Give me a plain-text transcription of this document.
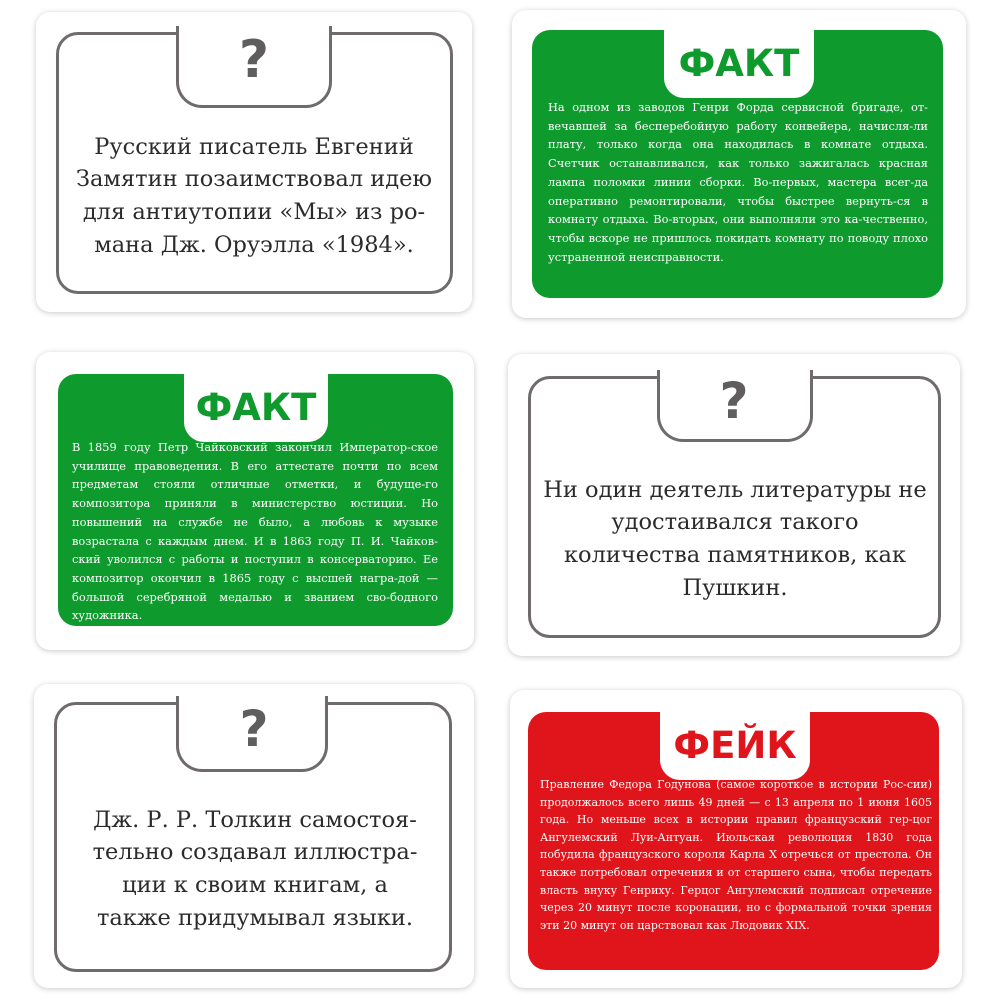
?
Русский писатель Евгений Замятин позаимствовал идею для антиутопии «Мы» из ро-мана Дж. Оруэлла «1984».
ФАКТ
На одном из заводов Генри Форда сервисной бригаде, от-вечавшей за бесперебойную работу конвейера, начисля-ли плату, только когда она находилась в комнате отдыха. Счетчик останавливался, как только зажигалась красная лампа поломки линии сборки. Во-первых, мастера всег-да оперативно ремонтировали, чтобы быстрее вернуть-ся в комнату отдыха. Во-вторых, они выполняли это ка-чественно, чтобы вскоре не пришлось покидать комнату по поводу плохо устраненной неисправности.
ФАКТ
В 1859 году Петр Чайковский закончил Император-ское училище правоведения. В его аттестате почти по всем предметам стояли отличные отметки, и будуще-го композитора приняли в министерство юстиции. Но повышений на службе не было, а любовь к музыке возрастала с каждым днем. И в 1863 году П. И. Чайков-ский уволился с работы и поступил в консерваторию. Ее композитор окончил в 1865 году с высшей награ-дой — большой серебряной медалью и званием сво-бодного художника.
?
Ни один деятель литературы не удостаивался такого количества памятников, как Пушкин.
?
Дж. Р. Р. Толкин самостоя-тельно создавал иллюстра-ции к своим книгам, а также придумывал языки.
ФЕЙК
Правление Федора Годунова (самое короткое в истории Рос-сии) продолжалось всего лишь 49 дней — с 13 апреля по 1 июня 1605 года. Но меньше всех в истории правил французский гер-цог Ангулемский Луи-Антуан. Июльская революция 1830 года побудила французского короля Карла X отречься от престола. Он также потребовал отречения и от старшего сына, чтобы передать власть внуку Генриху. Герцог Ангулемский подписал отречение через 20 минут после коронации, но с формальной точки зрения эти 20 минут он царствовал как Людовик XIX.
